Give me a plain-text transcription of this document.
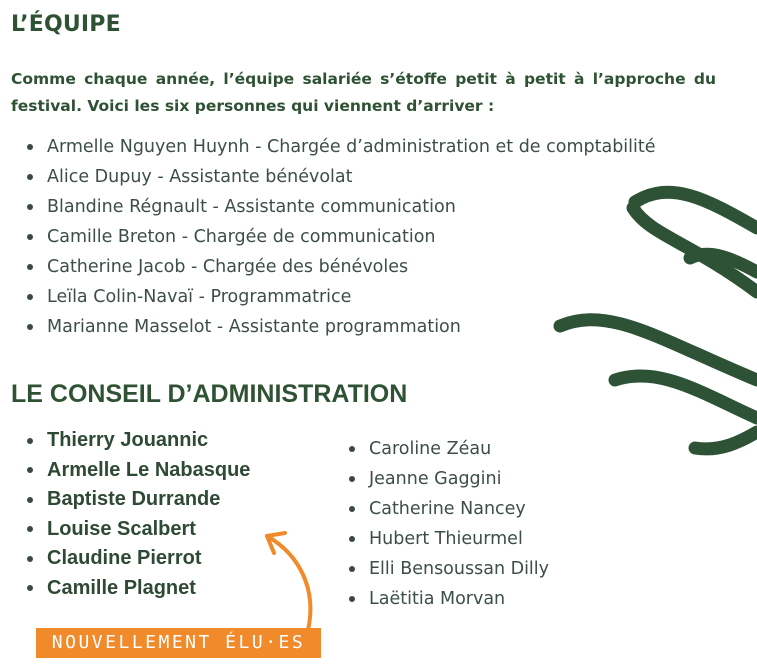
L’ÉQUIPE

Comme chaque année, l’équipe salariée s’étoffe petit à petit à l’approche du festival. Voici les six personnes qui viennent d’arriver :

Armelle Nguyen Huynh - Chargée d’administration et de comptabilité
Alice Dupuy - Assistante bénévolat
Blandine Régnault - Assistante communication
Camille Breton - Chargée de communication
Catherine Jacob - Chargée des bénévoles
Leïla Colin-Navaï - Programmatrice
Marianne Masselot - Assistante programmation
LE CONSEIL D’ADMINISTRATION
Thierry Jouannic
Armelle Le Nabasque
Baptiste Durrande
Louise Scalbert
Claudine Pierrot
Camille Plagnet
Caroline Zéau
Jeanne Gaggini
Catherine Nancey
Hubert Thieurmel
Elli Bensoussan Dilly
Laëtitia Morvan
NOUVELLEMENT ÉLU·ES
